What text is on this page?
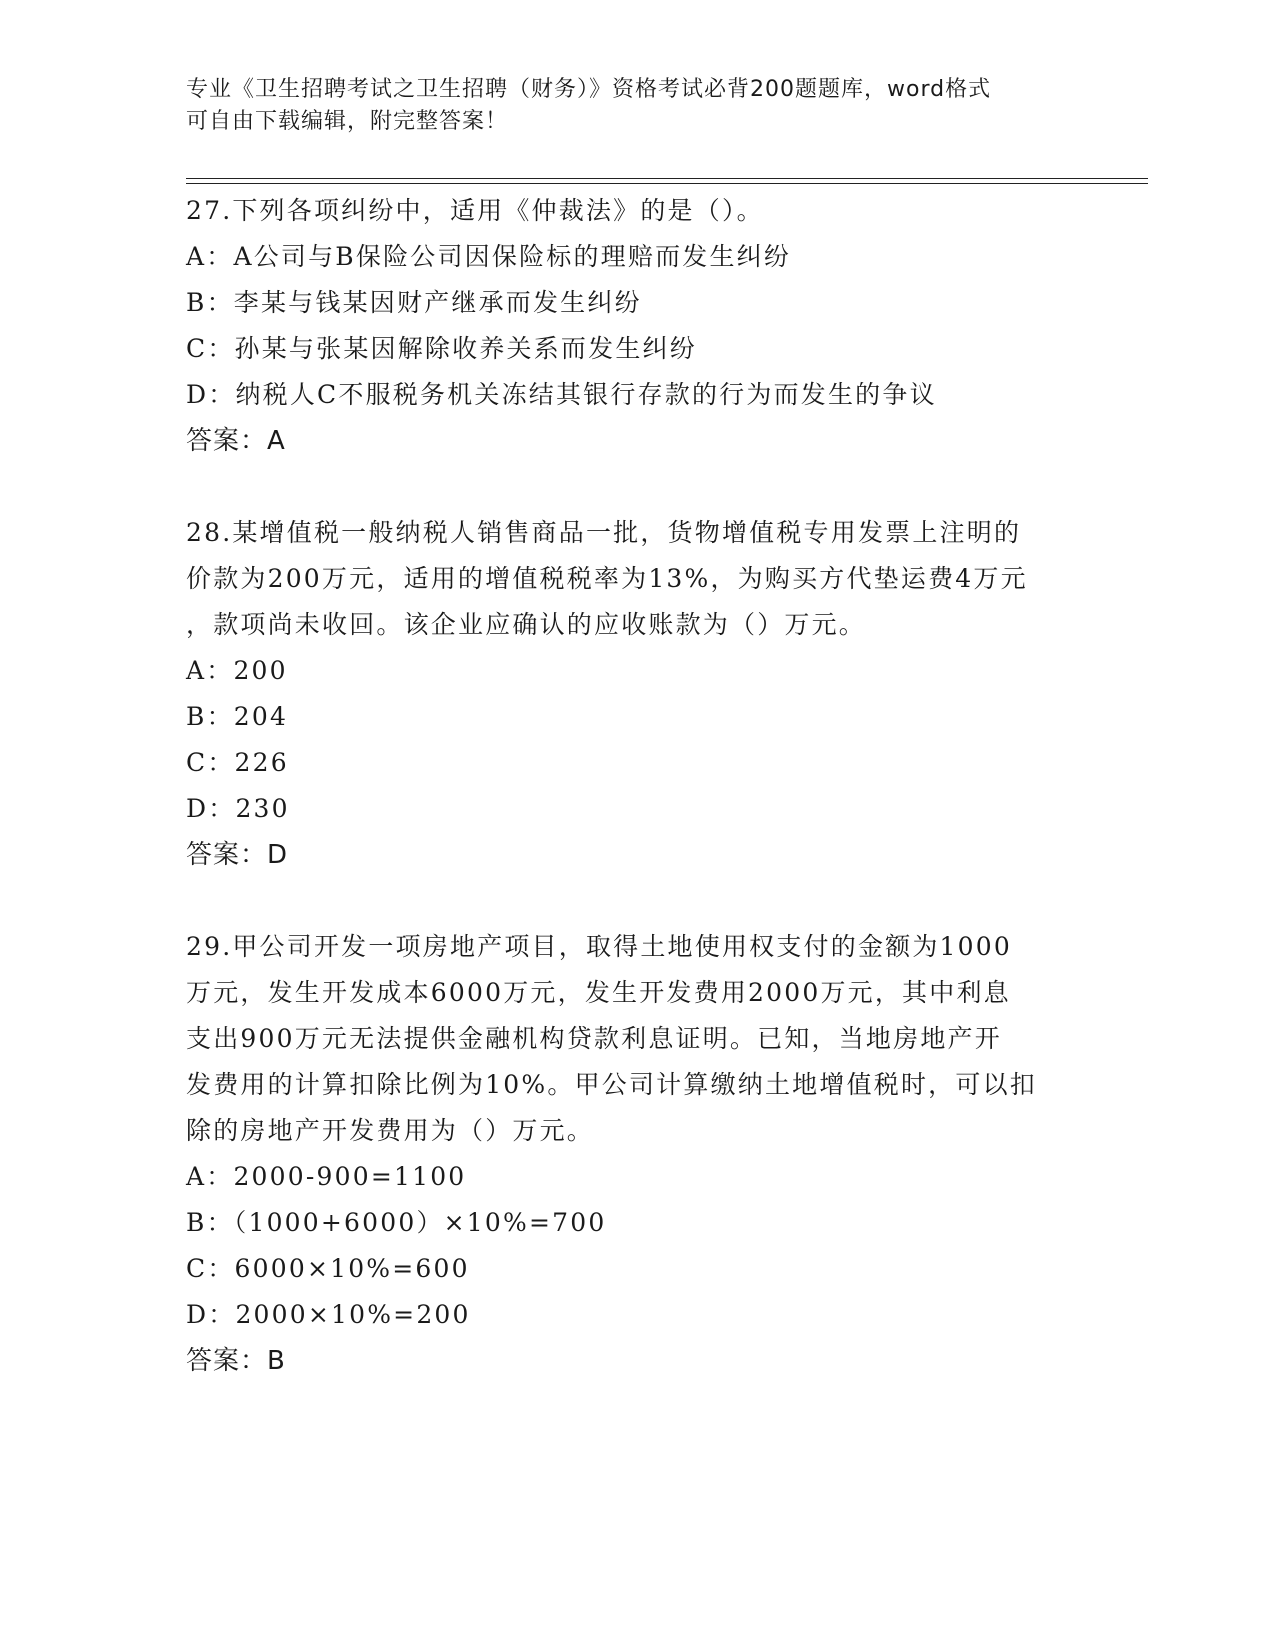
专业《卫生招聘考试之卫生招聘（财务）》资格考试必背200题题库，word格式
可自由下载编辑，附完整答案！
27.下列各项纠纷中，适用《仲裁法》的是（）。
A：A公司与B保险公司因保险标的理赔而发生纠纷
B：李某与钱某因财产继承而发生纠纷
C：孙某与张某因解除收养关系而发生纠纷
D：纳税人C不服税务机关冻结其银行存款的行为而发生的争议
答案：A
28.某增值税一般纳税人销售商品一批，货物增值税专用发票上注明的
价款为200万元，适用的增值税税率为13%，为购买方代垫运费4万元
，款项尚未收回。该企业应确认的应收账款为（）万元。
A：200
B：204
C：226
D：230
答案：D
29.甲公司开发一项房地产项目，取得土地使用权支付的金额为1000
万元，发生开发成本6000万元，发生开发费用2000万元，其中利息
支出900万元无法提供金融机构贷款利息证明。已知，当地房地产开
发费用的计算扣除比例为10%。甲公司计算缴纳土地增值税时，可以扣
除的房地产开发费用为（）万元。
A：2000-900=1100
B：（1000+6000）×10%=700
C：6000×10%=600
D：2000×10%=200
答案：B
